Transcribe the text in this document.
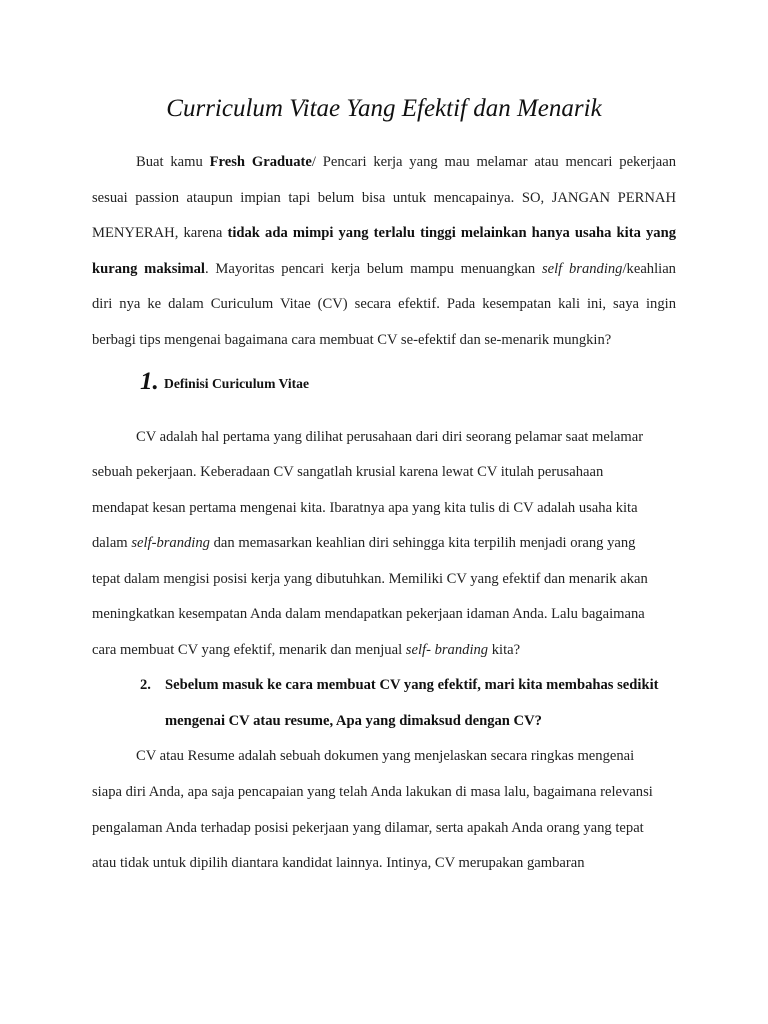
Curriculum Vitae Yang Efektif dan Menarik

Buat kamu Fresh Graduate/ Pencari kerja yang mau melamar atau mencari pekerjaan

sesuai passion ataupun impian tapi belum bisa untuk mencapainya. SO, JANGAN PERNAH

MENYERAH, karena tidak ada mimpi yang terlalu tinggi melainkan hanya usaha kita yang

kurang maksimal. Mayoritas pencari kerja belum mampu menuangkan self branding/keahlian

diri nya ke dalam Curiculum Vitae (CV) secara efektif. Pada kesempatan kali ini, saya ingin

berbagi tips mengenai bagaimana cara membuat CV se-efektif dan se-menarik mungkin?

1. Definisi Curiculum Vitae

CV adalah hal pertama yang dilihat perusahaan dari diri seorang pelamar saat melamar

sebuah pekerjaan. Keberadaan CV sangatlah krusial karena lewat CV itulah perusahaan

mendapat kesan pertama mengenai kita. Ibaratnya apa yang kita tulis di CV adalah usaha kita

dalam self-branding dan memasarkan keahlian diri sehingga kita terpilih menjadi orang yang

tepat dalam mengisi posisi kerja yang dibutuhkan. Memiliki CV yang efektif dan menarik akan

meningkatkan kesempatan Anda dalam mendapatkan pekerjaan idaman Anda. Lalu bagaimana

cara membuat CV yang efektif, menarik dan menjual self- branding kita?

2. Sebelum masuk ke cara membuat CV yang efektif, mari kita membahas sedikit
mengenai CV atau resume, Apa yang dimaksud dengan CV?

CV atau Resume adalah sebuah dokumen yang menjelaskan secara ringkas mengenai

siapa diri Anda, apa saja pencapaian yang telah Anda lakukan di masa lalu, bagaimana relevansi

pengalaman Anda terhadap posisi pekerjaan yang dilamar, serta apakah Anda orang yang tepat

atau tidak untuk dipilih diantara kandidat lainnya. Intinya, CV merupakan gambaran
